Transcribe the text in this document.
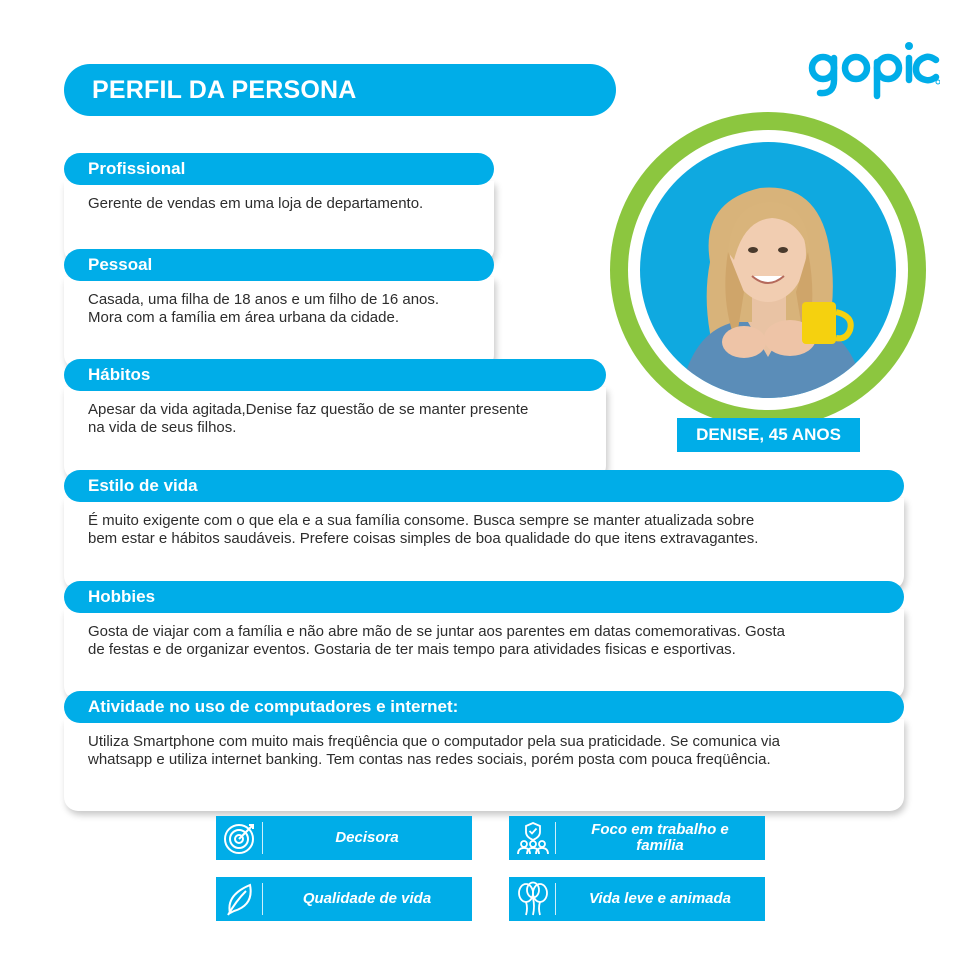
PERFIL DA PERSONA
Profissional
Gerente de vendas em uma loja de departamento.
Pessoal
Casada, uma filha de 18 anos e um filho de 16 anos.
Mora com a família em área urbana da cidade.
Hábitos
Apesar da vida agitada,Denise faz questão de se manter presente
na vida de seus filhos.
Estilo de vida
É muito exigente com o que ela e a sua família consome. Busca sempre se manter atualizada sobre
bem estar e hábitos saudáveis. Prefere coisas simples de boa qualidade do que itens extravagantes.
Hobbies
Gosta de viajar com a família e não abre mão de se juntar aos parentes em datas comemorativas. Gosta
de festas e de organizar eventos. Gostaria de ter mais tempo para atividades fisicas e esportivas.
Atividade no uso de computadores e internet:
Utiliza Smartphone com muito mais freqüência que o computador pela sua praticidade. Se comunica via
whatsapp e utiliza internet banking. Tem contas nas redes sociais, porém posta com pouca freqüência.
DENISE, 45 ANOS
Decisora	Foco em trabalho e família
Qualidade de vida	Vida leve e animada
